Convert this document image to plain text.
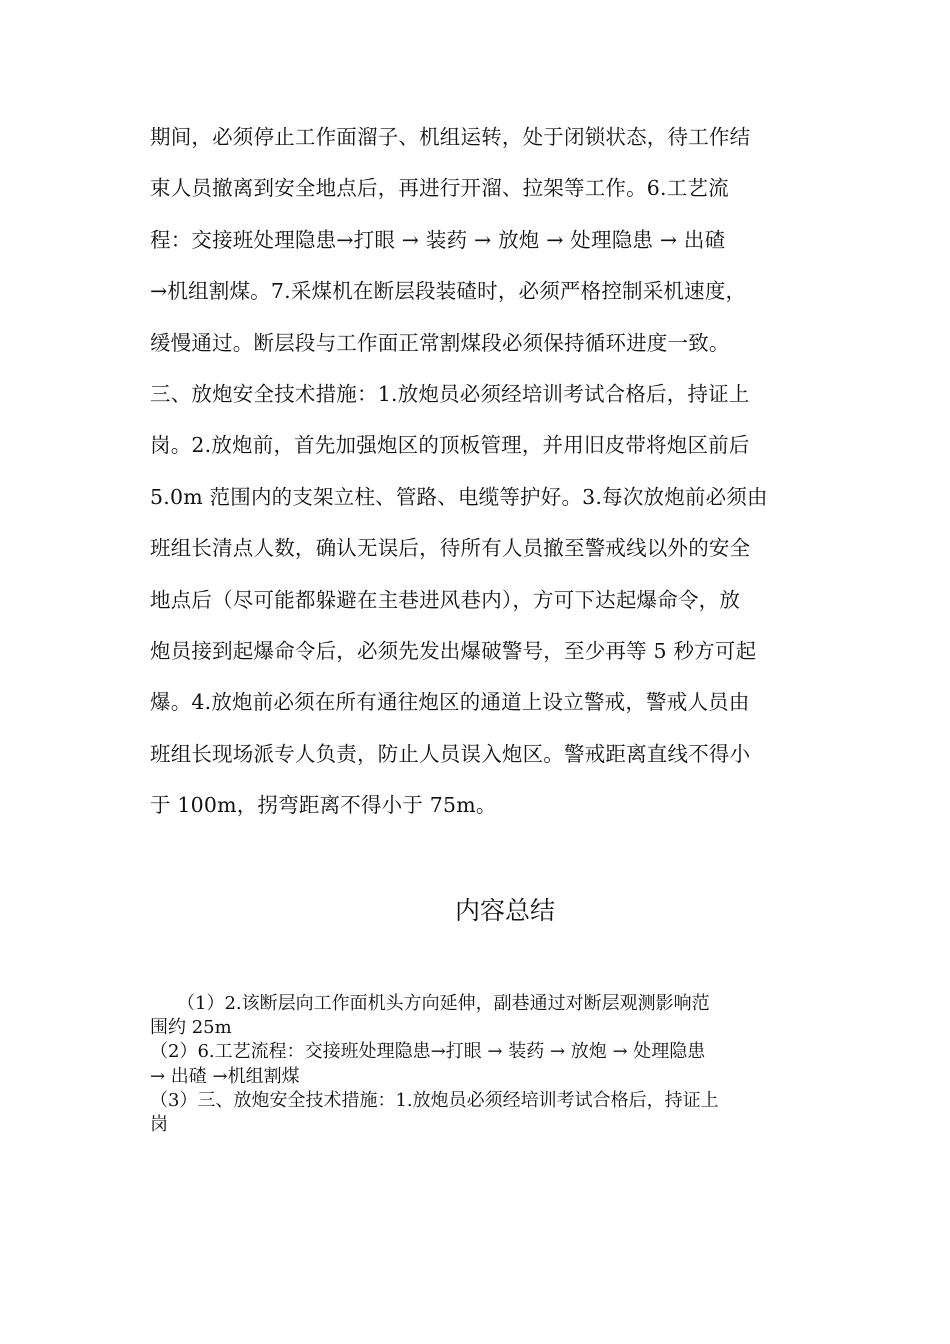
期间，必须停止工作面溜子、机组运转，处于闭锁状态，待工作结
束人员撤离到安全地点后，再进行开溜、拉架等工作。6.工艺流
程：交接班处理隐患→打眼 → 装药 → 放炮 → 处理隐患 → 出碴
→机组割煤。7.采煤机在断层段装碴时，必须严格控制采机速度，
缓慢通过。断层段与工作面正常割煤段必须保持循环进度一致。
三、放炮安全技术措施：1.放炮员必须经培训考试合格后，持证上
岗。2.放炮前，首先加强炮区的顶板管理，并用旧皮带将炮区前后
5.0m 范围内的支架立柱、管路、电缆等护好。3.每次放炮前必须由
班组长清点人数，确认无误后，待所有人员撤至警戒线以外的安全
地点后（尽可能都躲避在主巷进风巷内），方可下达起爆命令，放
炮员接到起爆命令后，必须先发出爆破警号，至少再等 5 秒方可起
爆。4.放炮前必须在所有通往炮区的通道上设立警戒，警戒人员由
班组长现场派专人负责，防止人员误入炮区。警戒距离直线不得小
于 100m，拐弯距离不得小于 75m。
内容总结
　　（1）2.该断层向工作面机头方向延伸，副巷通过对断层观测影响范
围约 25m
（2）6.工艺流程：交接班处理隐患→打眼 → 装药 → 放炮 → 处理隐患
→ 出碴 →机组割煤
（3）三、放炮安全技术措施：1.放炮员必须经培训考试合格后，持证上
岗
